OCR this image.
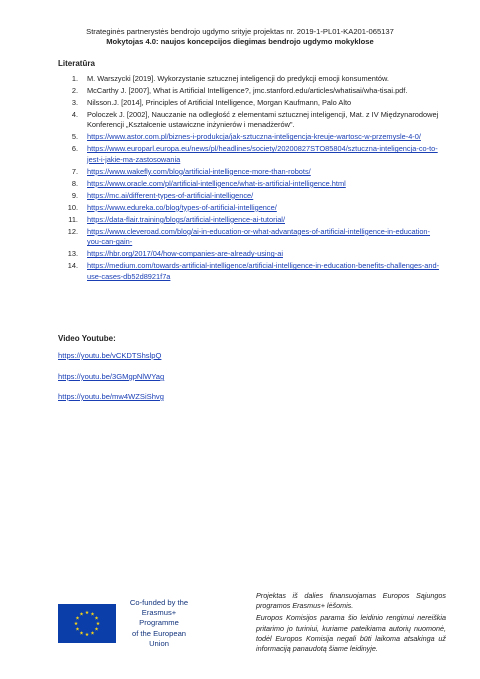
Strateginės partnerystės bendrojo ugdymo srityje projektas nr. 2019-1-PL01-KA201-065137
Mokytojas 4.0: naujos koncepcijos diegimas bendrojo ugdymo mokyklose
Literatūra
1.	M. Warszycki [2019]. Wykorzystanie sztucznej inteligencji do predykcji emocji konsumentów.
2.	McCarthy J. [2007], What is Artificial Intelligence?, jmc.stanford.edu/articles/whatisai/wha-tisai.pdf.
3.	Nilsson.J. [2014], Principles of Artificial Intelligence, Morgan Kaufmann, Palo Alto
4.	Poloczek J. [2002], Nauczanie na odległość z elementami sztucznej inteligencji, Mat. z IV Międzynarodowej Konferencji „Kształcenie ustawiczne inżynierów i menadżerów".
5.	https://www.astor.com.pl/biznes-i-produkcja/jak-sztuczna-inteligencja-kreuje-wartosc-w-przemysle-4-0/
6.	https://www.europarl.europa.eu/news/pl/headlines/society/20200827STO85804/sztuczna-inteligencja-co-to-jest-i-jakie-ma-zastosowania
7.	https://www.wakefly.com/blog/artificial-intelligence-more-than-robots/
8.	https://www.oracle.com/pl/artificial-intelligence/what-is-artificial-intelligence.html
9.	https://mc.ai/different-types-of-artificial-intelligence/
10.	https://www.edureka.co/blog/types-of-artificial-intelligence/
11.	https://data-flair.training/blogs/artificial-intelligence-ai-tutorial/
12.	https://www.cleveroad.com/blog/ai-in-education-or-what-advantages-of-artificial-intelligence-in-education-you-can-gain-
13.	https://hbr.org/2017/04/how-companies-are-already-using-ai
14.	https://medium.com/towards-artificial-intelligence/artificial-intelligence-in-education-benefits-challenges-and-use-cases-db52d8921f7a
Video Youtube:
https://youtu.be/vCKDTShslpQ
https://youtu.be/3GMgpNlWYag
https://youtu.be/mw4WZSiShvg
Co-funded by the
Erasmus+ Programme
of the European Union

Projektas iš dalies finansuojamas Europos Sąjungos programos Erasmus+ lėšomis.

Europos Komisijos parama šio leidinio rengimui nereiškia pritarimo jo turiniui, kuriame pateikiama autorių nuomonė, todėl Europos Komisija negali būti laikoma atsakinga už informaciją panaudotą šiame leidinyje.
